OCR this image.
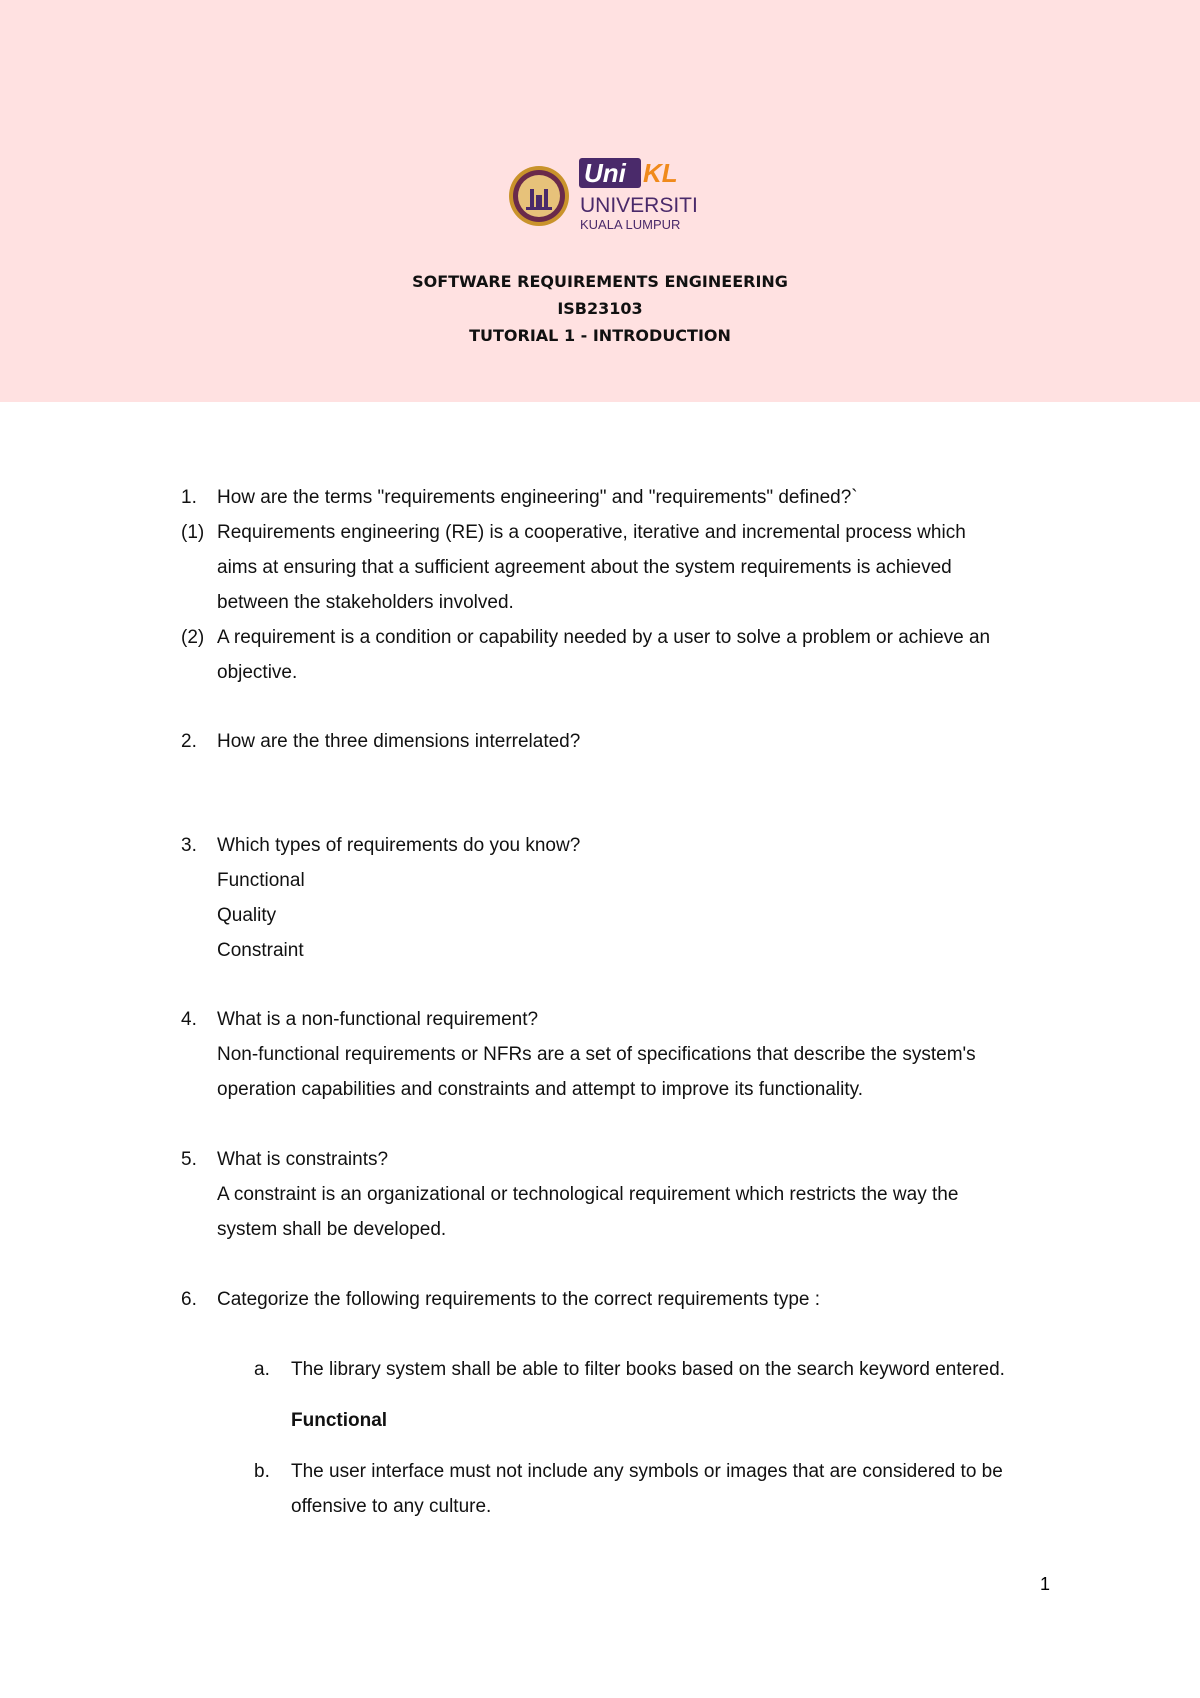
Uni KL
UNIVERSITI
KUALA LUMPUR
SOFTWARE REQUIREMENTS ENGINEERING
ISB23103
TUTORIAL 1 - INTRODUCTION
1.	How are the terms "requirements engineering" and "requirements" defined?`
(1) Requirements engineering (RE) is a cooperative, iterative and incremental process which
aims at ensuring that a sufficient agreement about the system requirements is achieved
between the stakeholders involved.
(2) A requirement is a condition or capability needed by a user to solve a problem or achieve an
objective.
2.	How are the three dimensions interrelated?
3.	Which types of requirements do you know?
Functional
Quality
Constraint
4.	What is a non-functional requirement?
Non-functional requirements or NFRs are a set of specifications that describe the system's
operation capabilities and constraints and attempt to improve its functionality.
5.	What is constraints?
A constraint is an organizational or technological requirement which restricts the way the
system shall be developed.
6.	Categorize the following requirements to the correct requirements type :
a. The library system shall be able to filter books based on the search keyword entered.
Functional
b. The user interface must not include any symbols or images that are considered to be
offensive to any culture.
1
